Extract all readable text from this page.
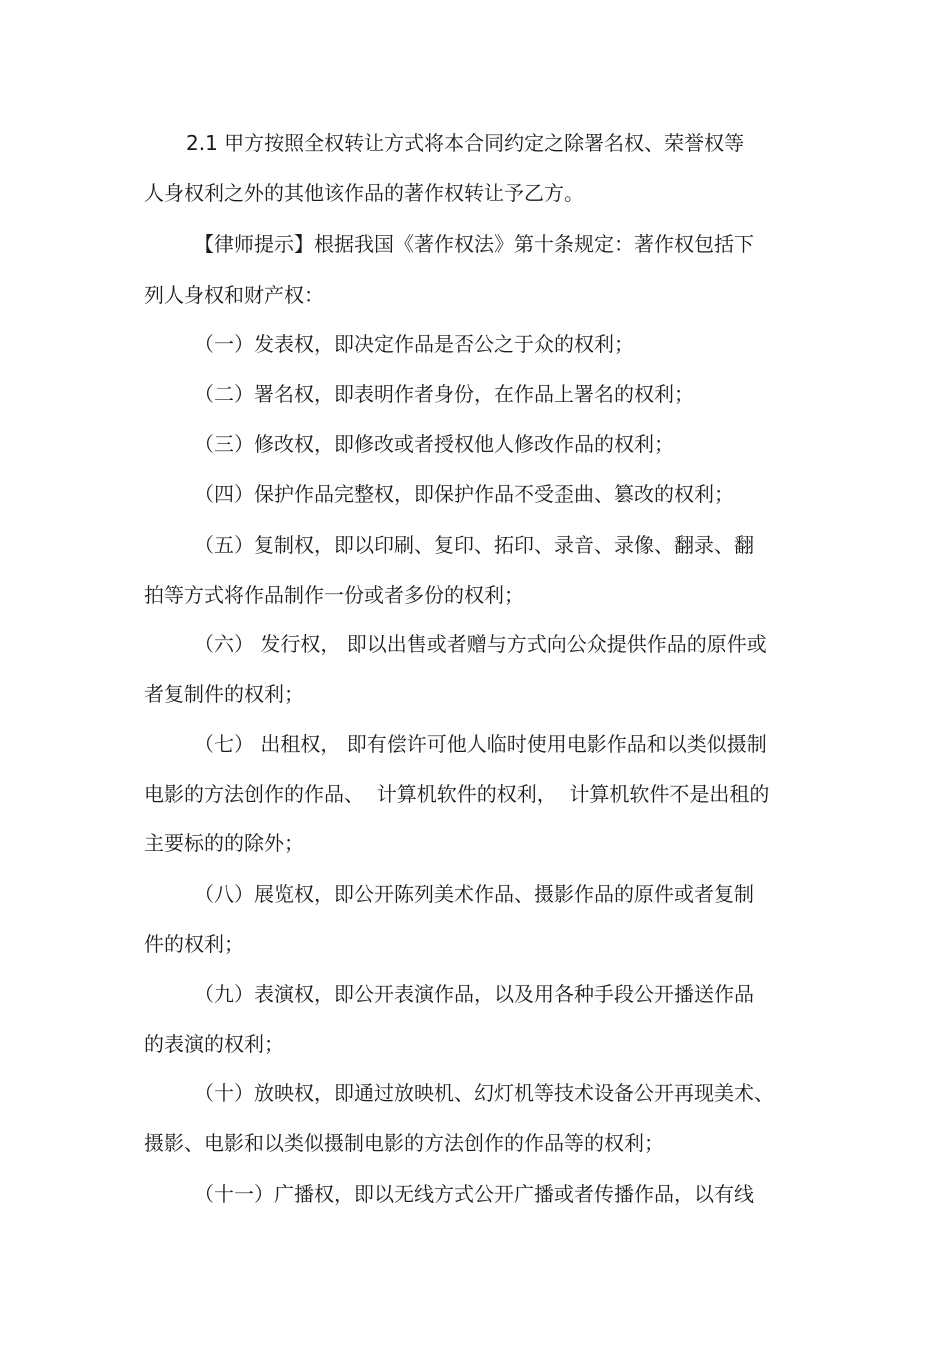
2.1 甲方按照全权转让方式将本合同约定之除署名权、荣誉权等
人身权利之外的其他该作品的著作权转让予乙方。
【律师提示】根据我国《著作权法》第十条规定：著作权包括下
列人身权和财产权：
（一）发表权，即决定作品是否公之于众的权利；
（二）署名权，即表明作者身份，在作品上署名的权利；
（三）修改权，即修改或者授权他人修改作品的权利；
（四）保护作品完整权，即保护作品不受歪曲、篡改的权利；
（五）复制权，即以印刷、复印、拓印、录音、录像、翻录、翻
拍等方式将作品制作一份或者多份的权利；
（六） 发行权， 即以出售或者赠与方式向公众提供作品的原件或
者复制件的权利；
（七） 出租权， 即有偿许可他人临时使用电影作品和以类似摄制
电影的方法创作的作品、  计算机软件的权利，  计算机软件不是出租的
主要标的的除外；
（八）展览权，即公开陈列美术作品、摄影作品的原件或者复制
件的权利；
（九）表演权，即公开表演作品，以及用各种手段公开播送作品
的表演的权利；
（十）放映权，即通过放映机、幻灯机等技术设备公开再现美术、
摄影、电影和以类似摄制电影的方法创作的作品等的权利；
（十一）广播权，即以无线方式公开广播或者传播作品，以有线
